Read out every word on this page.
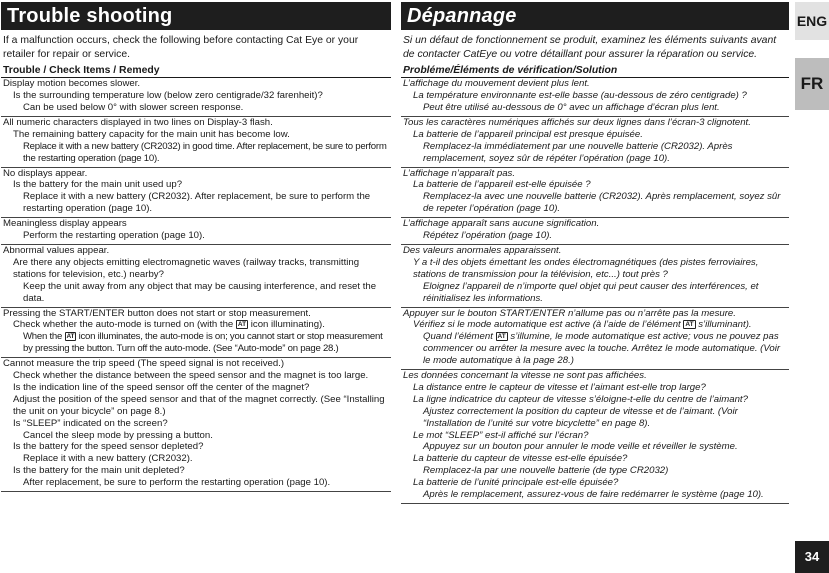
Trouble shooting

If a malfunction occurs, check the following before contacting Cat Eye or your retailer for repair or service.

Trouble / Check Items / Remedy

Display motion becomes slower.

Is the surrounding temperature low (below zero centigrade/32 farenheit)?

Can be used below 0° with slower screen response.

All numeric characters displayed in two lines on Display-3 flash.

The remaining battery capacity for the main unit has become low.

Replace it with a new battery (CR2032) in good time. After replacement, be sure to perform the restarting operation (page 10).

No displays appear.

Is the battery for the main unit used up?

Replace it with a new battery (CR2032). After replacement, be sure to perform the restarting operation (page 10).

Meaningless display appears

Perform the restarting operation (page 10).

Abnormal values appear.

Are there any objects emitting electromagnetic waves (railway tracks, transmitting stations for television, etc.) nearby?

Keep the unit away from any object that may be causing interference, and reset the data.

Pressing the START/ENTER button does not start or stop measurement.

Check whether the auto-mode is turned on (with the AT icon illuminating).

When the AT icon illuminates, the auto-mode is on; you cannot start or stop measurement by pressing the button. Turn off the auto-mode. (See “Auto-mode” on page 28.)

Cannot measure the trip speed (The speed signal is not received.)

Check whether the distance between the speed sensor and the magnet is too large.

Is the indication line of the speed sensor off the center of the magnet?

Adjust the position of the speed sensor and that of the magnet correctly. (See “Installing the unit on your bicycle” on page 8.)

Is “SLEEP” indicated on the screen?

Cancel the sleep mode by pressing a button.

Is the battery for the speed sensor depleted?

Replace it with a new battery (CR2032).

Is the battery for the main unit depleted?

After replacement, be sure to perform the restarting operation (page 10).

Dépannage

Si un défaut de fonctionnement se produit, examinez les éléments suivants avant de contacter CatEye ou votre détaillant pour assurer la réparation ou service.

Probléme/Éléments de vérification/Solution

L’affichage du mouvement devient plus lent.

La température environnante est-elle basse (au-dessous de zéro centigrade) ?

Peut être utilisé au-dessous de 0° avec un affichage d’écran plus lent.

Tous les caractères numériques affichés sur deux lignes dans l’écran-3 clignotent.

La batterie de l’appareil principal est presque épuisée.

Remplacez-la immédiatement par une nouvelle batterie (CR2032). Après remplacement, soyez sûr de répéter l’opération (page 10).

L’affichage n’apparaît pas.

La batterie de l’appareil est-elle épuisée ?

Remplacez-la avec une nouvelle batterie (CR2032). Après remplacement, soyez sûr de repeter l’opération (page 10).

L’affichage apparaît sans aucune signification.

Répétez l’opération (page 10).

Des valeurs anormales apparaissent.

Y a t-il des objets émettant les ondes électromagnétiques (des pistes ferroviaires, stations de transmission pour la télévision, etc...) tout près ?

Eloignez l’appareil de n’importe quel objet qui peut causer des interférences, et réinitialisez les informations.

Appuyer sur le bouton START/ENTER n’allume pas ou n’arrête pas la mesure.

Vérifiez si le mode automatique est active (à l’aide de l’élément AT s’illuminant).

Quand l’élément AT s’illumine, le mode automatique est active; vous ne pouvez pas commencer ou arrêter la mesure avec la touche. Arrêtez le mode automatique. (Voir le mode automatique à la page 28.)

Les données concernant la vitesse ne sont pas affichées.

La distance entre le capteur de vitesse et l’aimant est-elle trop large?

La ligne indicatrice du capteur de vitesse s’éloigne-t-elle du centre de l’aimant?

Ajustez correctement la position du capteur de vitesse et de l’aimant. (Voir “Installation de l’unité sur votre bicyclette” en page 8).

Le mot “SLEEP” est-il affiché sur l’écran?

Appuyez sur un bouton pour annuler le mode veille et réveiller le système.

La batterie du capteur de vitesse est-elle épuisée?

Remplacez-la par une nouvelle batterie (de type CR2032)

La batterie de l’unité principale est-elle épuisée?

Après le remplacement, assurez-vous de faire redémarrer le système (page 10).

ENG
FR
34
